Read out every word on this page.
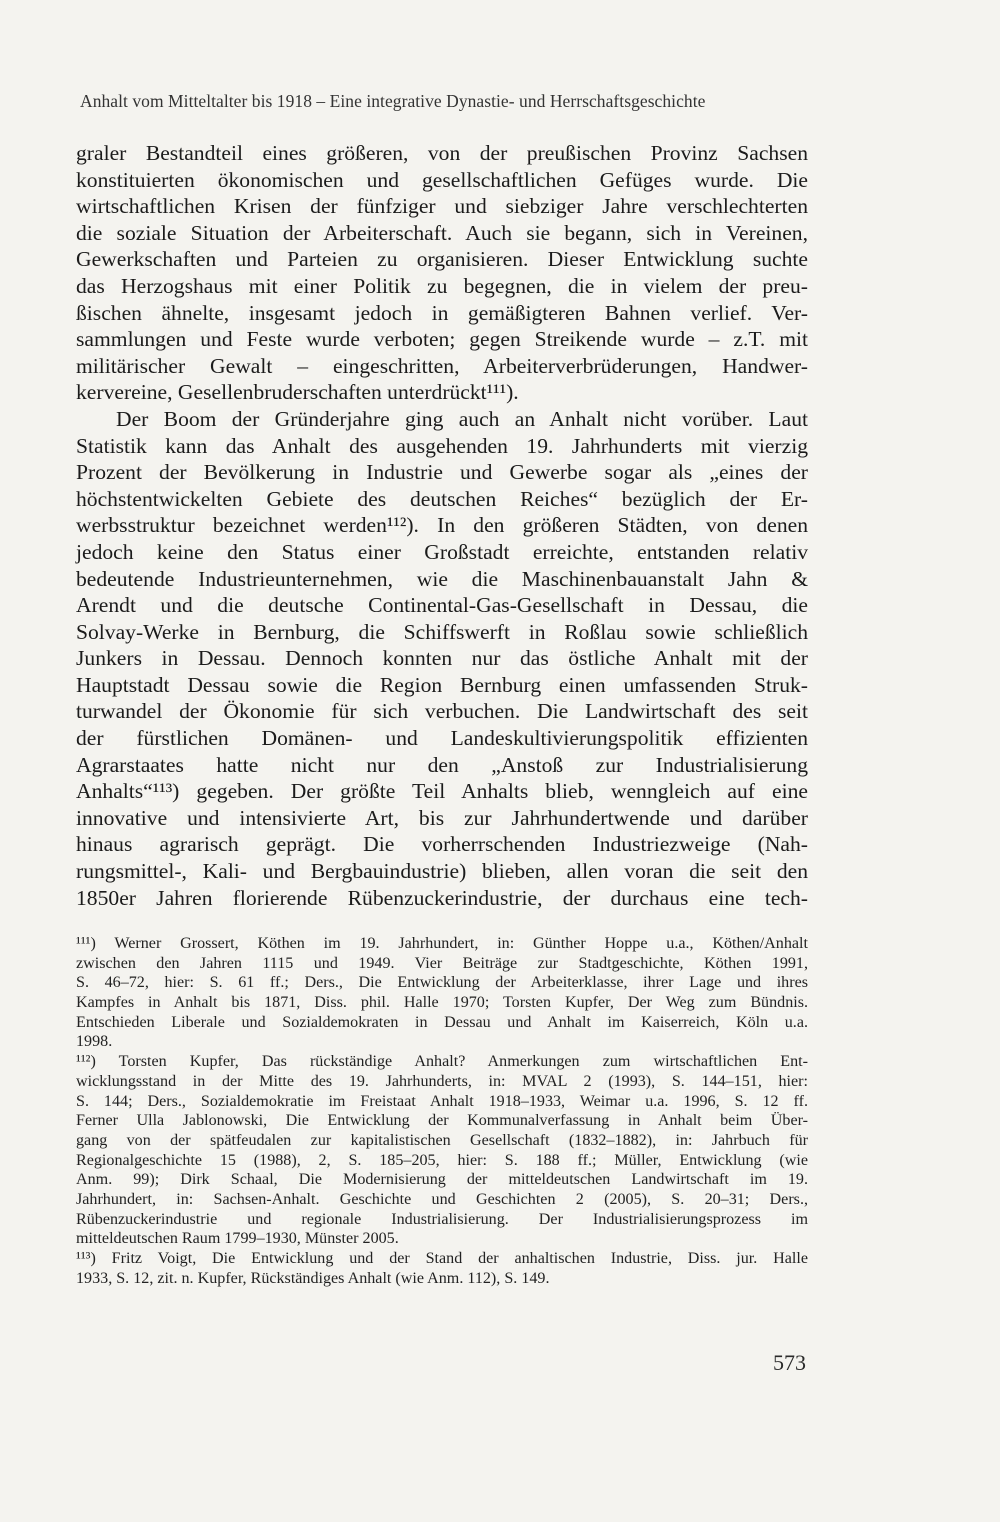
Anhalt vom Mitteltalter bis 1918 – Eine integrative Dynastie- und Herrschaftsgeschichte
graler Bestandteil eines größeren, von der preußischen Provinz Sachsen
konstituierten ökonomischen und gesellschaftlichen Gefüges wurde. Die
wirtschaftlichen Krisen der fünfziger und siebziger Jahre verschlechterten
die soziale Situation der Arbeiterschaft. Auch sie begann, sich in Vereinen,
Gewerkschaften und Parteien zu organisieren. Dieser Entwicklung suchte
das Herzogshaus mit einer Politik zu begegnen, die in vielem der preu-
ßischen ähnelte, insgesamt jedoch in gemäßigteren Bahnen verlief. Ver-
sammlungen und Feste wurde verboten; gegen Streikende wurde – z.T. mit
militärischer Gewalt – eingeschritten, Arbeiterverbrüderungen, Handwer-
kervereine, Gesellenbruderschaften unterdrückt¹¹¹).
Der Boom der Gründerjahre ging auch an Anhalt nicht vorüber. Laut
Statistik kann das Anhalt des ausgehenden 19. Jahrhunderts mit vierzig
Prozent der Bevölkerung in Industrie und Gewerbe sogar als „eines der
höchstentwickelten Gebiete des deutschen Reiches“ bezüglich der Er-
werbsstruktur bezeichnet werden¹¹²). In den größeren Städten, von denen
jedoch keine den Status einer Großstadt erreichte, entstanden relativ
bedeutende Industrieunternehmen, wie die Maschinenbauanstalt Jahn &
Arendt und die deutsche Continental-Gas-Gesellschaft in Dessau, die
Solvay-Werke in Bernburg, die Schiffswerft in Roßlau sowie schließlich
Junkers in Dessau. Dennoch konnten nur das östliche Anhalt mit der
Hauptstadt Dessau sowie die Region Bernburg einen umfassenden Struk-
turwandel der Ökonomie für sich verbuchen. Die Landwirtschaft des seit
der fürstlichen Domänen- und Landeskultivierungspolitik effizienten
Agrarstaates hatte nicht nur den „Anstoß zur Industrialisierung
Anhalts“¹¹³) gegeben. Der größte Teil Anhalts blieb, wenngleich auf eine
innovative und intensivierte Art, bis zur Jahrhundertwende und darüber
hinaus agrarisch geprägt. Die vorherrschenden Industriezweige (Nah-
rungsmittel-, Kali- und Bergbauindustrie) blieben, allen voran die seit den
1850er Jahren florierende Rübenzuckerindustrie, der durchaus eine tech-
¹¹¹) Werner Grossert, Köthen im 19. Jahrhundert, in: Günther Hoppe u.a., Köthen/Anhalt
zwischen den Jahren 1115 und 1949. Vier Beiträge zur Stadtgeschichte, Köthen 1991,
S. 46–72, hier: S. 61 ff.; Ders., Die Entwicklung der Arbeiterklasse, ihrer Lage und ihres
Kampfes in Anhalt bis 1871, Diss. phil. Halle 1970; Torsten Kupfer, Der Weg zum Bündnis.
Entschieden Liberale und Sozialdemokraten in Dessau und Anhalt im Kaiserreich, Köln u.a.
1998.
¹¹²) Torsten Kupfer, Das rückständige Anhalt? Anmerkungen zum wirtschaftlichen Ent-
wicklungsstand in der Mitte des 19. Jahrhunderts, in: MVAL 2 (1993), S. 144–151, hier:
S. 144; Ders., Sozialdemokratie im Freistaat Anhalt 1918–1933, Weimar u.a. 1996, S. 12 ff.
Ferner Ulla Jablonowski, Die Entwicklung der Kommunalverfassung in Anhalt beim Über-
gang von der spätfeudalen zur kapitalistischen Gesellschaft (1832–1882), in: Jahrbuch für
Regionalgeschichte 15 (1988), 2, S. 185–205, hier: S. 188 ff.; Müller, Entwicklung (wie
Anm. 99); Dirk Schaal, Die Modernisierung der mitteldeutschen Landwirtschaft im 19.
Jahrhundert, in: Sachsen-Anhalt. Geschichte und Geschichten 2 (2005), S. 20–31; Ders.,
Rübenzuckerindustrie und regionale Industrialisierung. Der Industrialisierungsprozess im
mitteldeutschen Raum 1799–1930, Münster 2005.
¹¹³) Fritz Voigt, Die Entwicklung und der Stand der anhaltischen Industrie, Diss. jur. Halle
1933, S. 12, zit. n. Kupfer, Rückständiges Anhalt (wie Anm. 112), S. 149.
573
